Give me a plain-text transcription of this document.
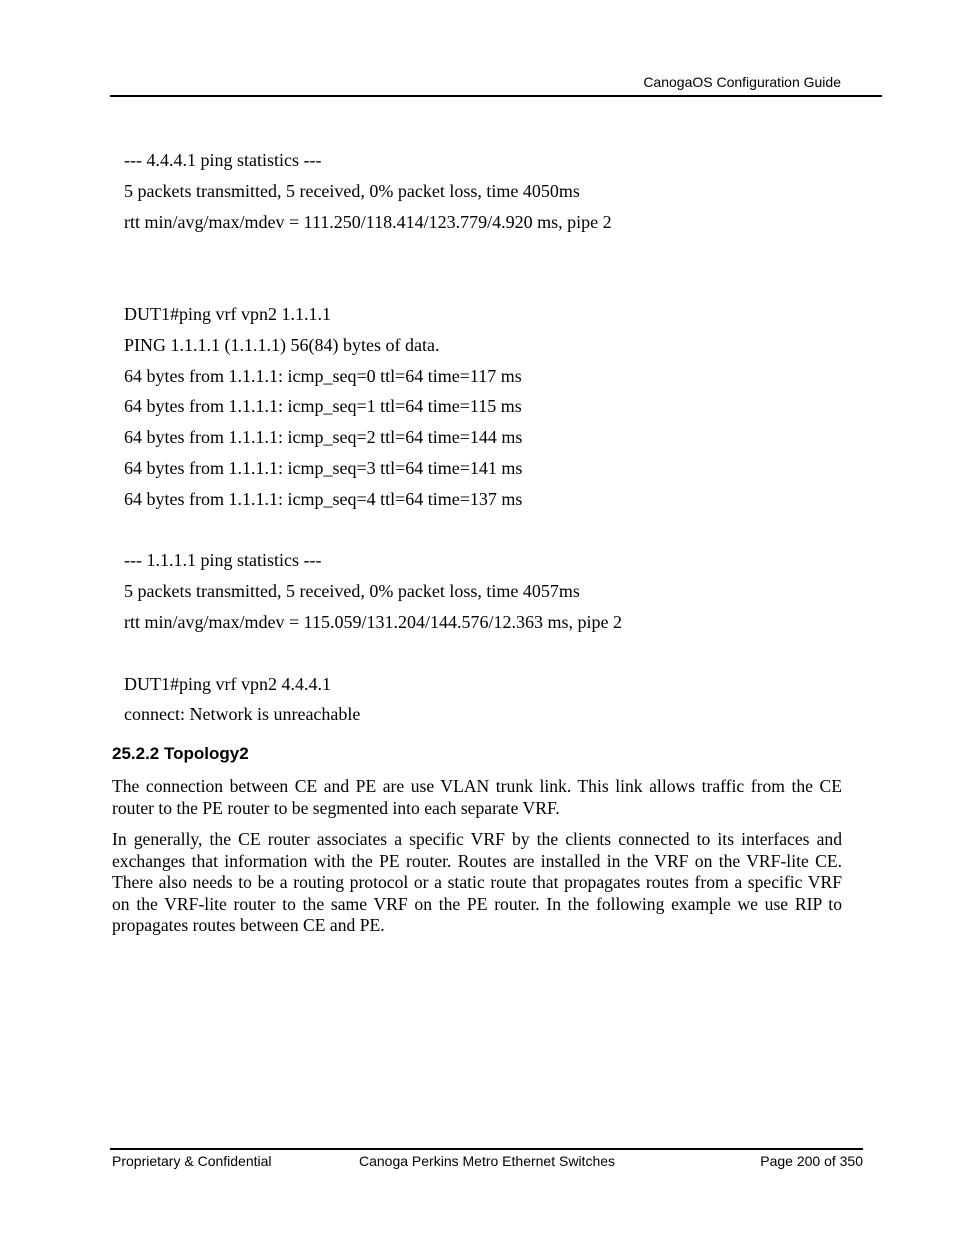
CanogaOS Configuration Guide
--- 4.4.4.1 ping statistics ---
5 packets transmitted, 5 received, 0% packet loss, time 4050ms
rtt min/avg/max/mdev = 111.250/118.414/123.779/4.920 ms, pipe 2
DUT1#ping vrf vpn2 1.1.1.1
PING 1.1.1.1 (1.1.1.1) 56(84) bytes of data.
64 bytes from 1.1.1.1: icmp_seq=0 ttl=64 time=117 ms
64 bytes from 1.1.1.1: icmp_seq=1 ttl=64 time=115 ms
64 bytes from 1.1.1.1: icmp_seq=2 ttl=64 time=144 ms
64 bytes from 1.1.1.1: icmp_seq=3 ttl=64 time=141 ms
64 bytes from 1.1.1.1: icmp_seq=4 ttl=64 time=137 ms
--- 1.1.1.1 ping statistics ---
5 packets transmitted, 5 received, 0% packet loss, time 4057ms
rtt min/avg/max/mdev = 115.059/131.204/144.576/12.363 ms, pipe 2
DUT1#ping vrf vpn2 4.4.4.1
connect: Network is unreachable
25.2.2 Topology2

The connection between CE and PE are use VLAN trunk link. This link allows traffic from the CE router to the PE router to be segmented into each separate VRF.

In generally, the CE router associates a specific VRF by the clients connected to its interfaces and exchanges that information with the PE router. Routes are installed in the VRF on the VRF-lite CE. There also needs to be a routing protocol or a static route that propagates routes from a specific VRF on the VRF-lite router to the same VRF on the PE router. In the following example we use RIP to propagates routes between CE and PE.

Proprietary & Confidential	Canoga Perkins Metro Ethernet Switches	Page 200 of 350
